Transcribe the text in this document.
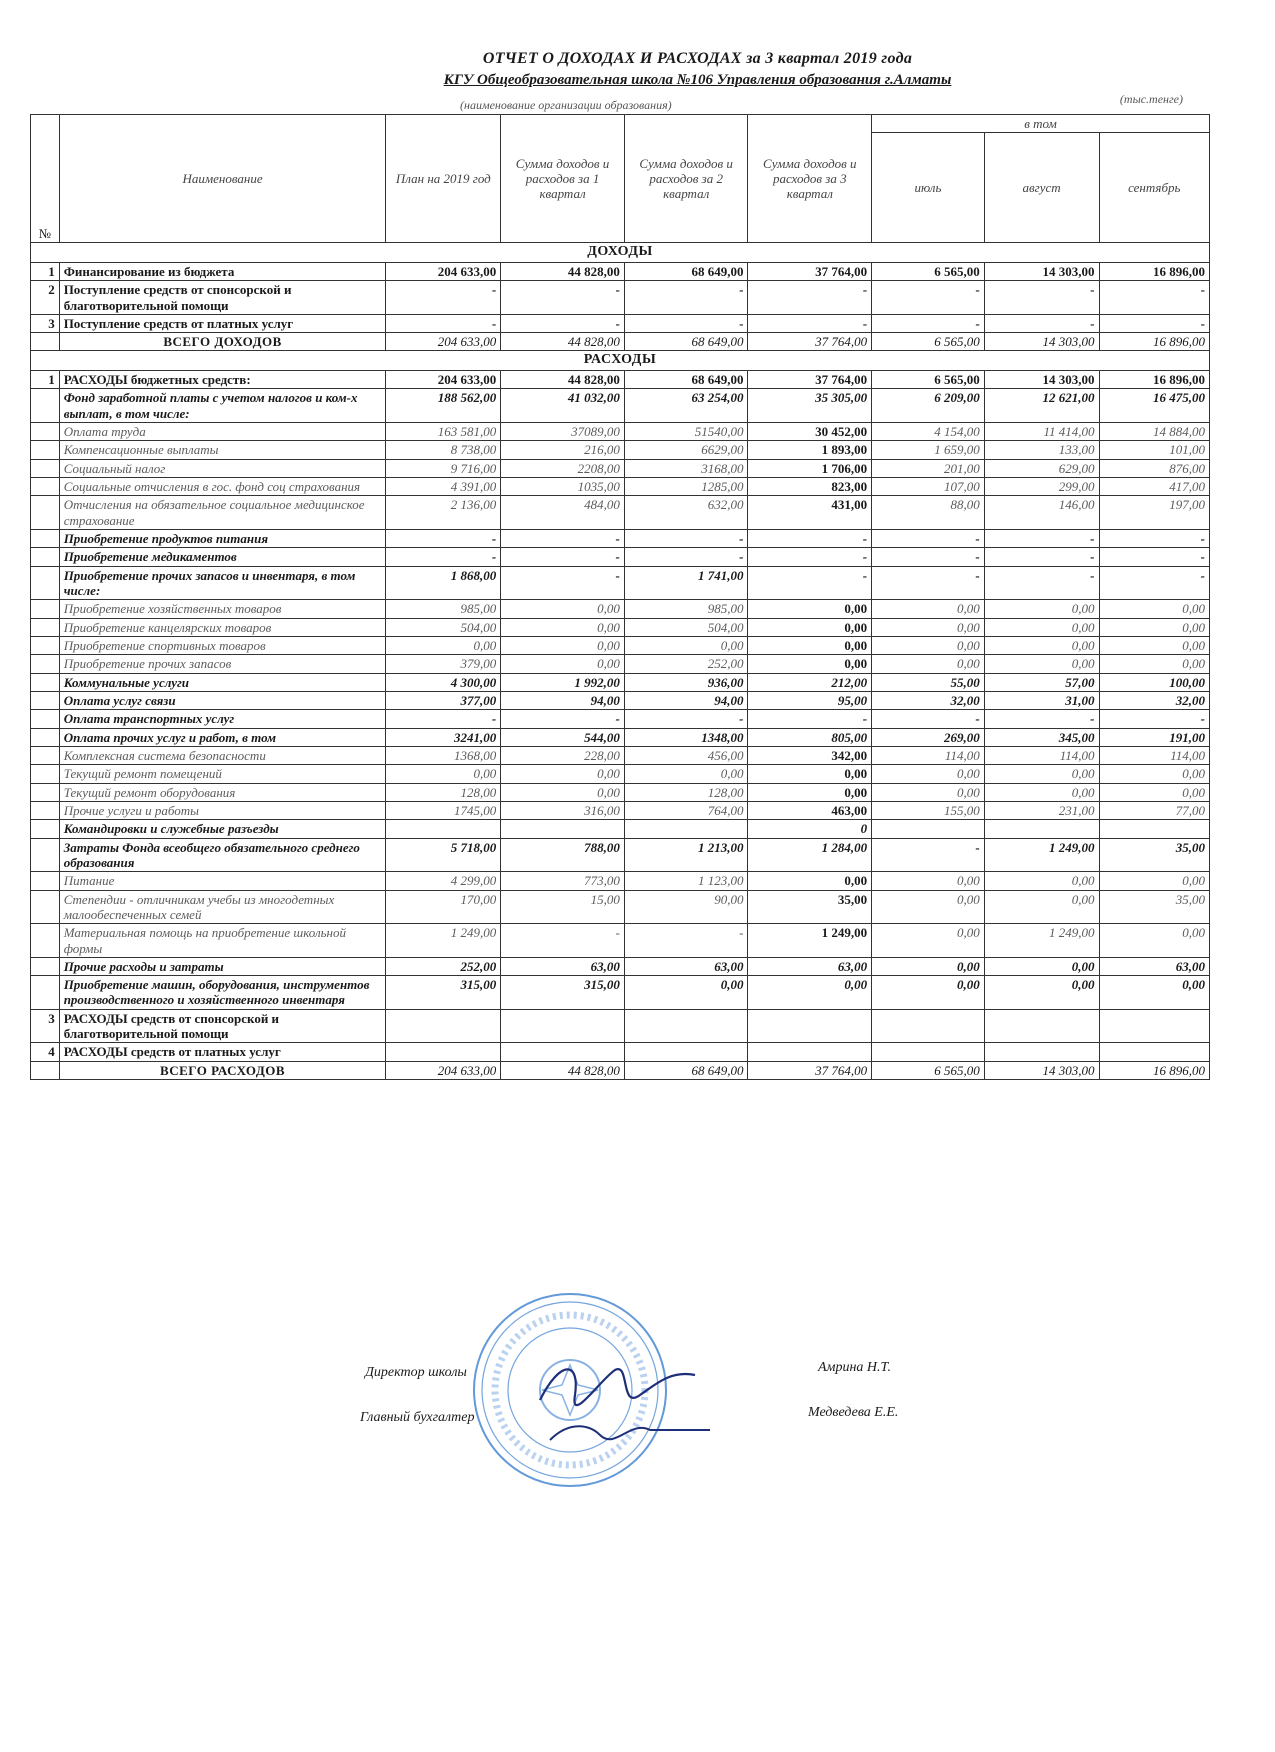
ОТЧЕТ О ДОХОДАХ И РАСХОДАХ за 3 квартал 2019 года
КГУ Общеобразовательная школа №106 Управления образования г.Алматы
(наименование организации образования)	(тыс.тенге)
№	Наименование	План на 2019 год	Сумма доходов и расходов за 1 квартал	Сумма доходов и расходов за 2 квартал	Сумма доходов и расходов за 3 квартал	в том		
						июль	август	сентябрь
ДОХОДЫ								
1	Финансирование из бюджета	204 633,00	44 828,00	68 649,00	37 764,00	6 565,00	14 303,00	16 896,00
2	Поступление средств от спонсорской и благотворительной помощи	-	-	-	-	-	-	-
3	Поступление средств от платных услуг	-	-	-	-	-	-	-
	ВСЕГО ДОХОДОВ	204 633,00	44 828,00	68 649,00	37 764,00	6 565,00	14 303,00	16 896,00
РАСХОДЫ								
1	РАСХОДЫ бюджетных средств:	204 633,00	44 828,00	68 649,00	37 764,00	6 565,00	14 303,00	16 896,00
	Фонд заработной платы с учетом налогов и ком-х выплат, в том числе:	188 562,00	41 032,00	63 254,00	35 305,00	6 209,00	12 621,00	16 475,00
	Оплата труда	163 581,00	37089,00	51540,00	30 452,00	4 154,00	11 414,00	14 884,00
	Компенсационные выплаты	8 738,00	216,00	6629,00	1 893,00	1 659,00	133,00	101,00
	Социальный налог	9 716,00	2208,00	3168,00	1 706,00	201,00	629,00	876,00
	Социальные отчисления в гос. фонд соц страхования	4 391,00	1035,00	1285,00	823,00	107,00	299,00	417,00
	Отчисления на обязательное социальное медицинское страхование	2 136,00	484,00	632,00	431,00	88,00	146,00	197,00
	Приобретение продуктов питания	-	-	-	-	-	-	-
	Приобретение медикаментов	-	-	-	-	-	-	-
	Приобретение прочих запасов и инвентаря, в том числе:	1 868,00	-	1 741,00	-	-	-	-
	Приобретение хозяйственных товаров	985,00	0,00	985,00	0,00	0,00	0,00	0,00
	Приобретение канцелярских товаров	504,00	0,00	504,00	0,00	0,00	0,00	0,00
	Приобретение спортивных товаров	0,00	0,00	0,00	0,00	0,00	0,00	0,00
	Приобретение прочих запасов	379,00	0,00	252,00	0,00	0,00	0,00	0,00
	Коммунальные услуги	4 300,00	1 992,00	936,00	212,00	55,00	57,00	100,00
	Оплата услуг связи	377,00	94,00	94,00	95,00	32,00	31,00	32,00
	Оплата транспортных услуг	-	-	-	-	-	-	-
	Оплата прочих услуг и работ, в том	3241,00	544,00	1348,00	805,00	269,00	345,00	191,00
	Комплексная система безопасности	1368,00	228,00	456,00	342,00	114,00	114,00	114,00
	Текущий ремонт помещений	0,00	0,00	0,00	0,00	0,00	0,00	0,00
	Текущий ремонт оборудования	128,00	0,00	128,00	0,00	0,00	0,00	0,00
	Прочие услуги и работы	1745,00	316,00	764,00	463,00	155,00	231,00	77,00
	Командировки и служебные разъезды				0			
	Затраты Фонда всеобщего обязательного среднего образования	5 718,00	788,00	1 213,00	1 284,00	-	1 249,00	35,00
	Питание	4 299,00	773,00	1 123,00	0,00	0,00	0,00	0,00
	Степендии - отличникам учебы из многодетных малообеспеченных семей	170,00	15,00	90,00	35,00	0,00	0,00	35,00
	Материальная помощь на приобретение школьной формы	1 249,00	-	-	1 249,00	0,00	1 249,00	0,00
	Прочие расходы и затраты	252,00	63,00	63,00	63,00	0,00	0,00	63,00
	Приобретение машин, оборудования, инструментов производственного и хозяйственного инвентаря	315,00	315,00	0,00	0,00	0,00	0,00	0,00
3	РАСХОДЫ средств от спонсорской и благотворительной помощи							
4	РАСХОДЫ средств от платных услуг							
	ВСЕГО РАСХОДОВ	204 633,00	44 828,00	68 649,00	37 764,00	6 565,00	14 303,00	16 896,00
Директор школы	Амрина Н.Т.
Главный бухгалтер	Медведева Е.Е.
